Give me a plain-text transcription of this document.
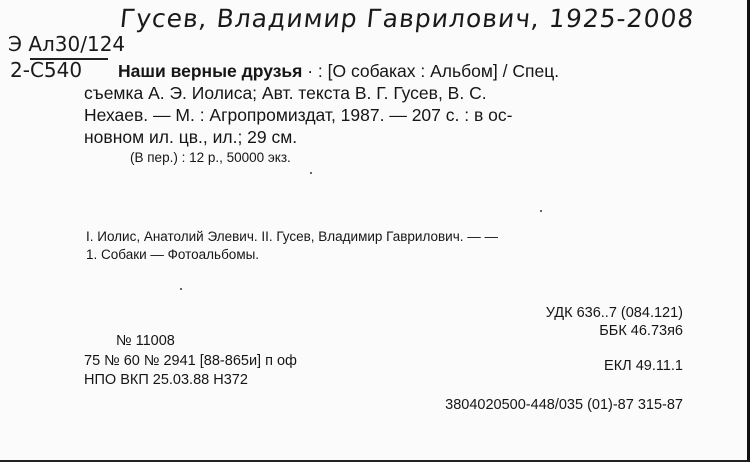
Гусев, Владимир Гаврилович, 1925-2008
Э Ал30/124
2-С540	Наши верные друзья · : [О собаках : Альбом] / Спец.
съемка А. Э. Иолиса; Авт. текста В. Г. Гусев, В. С.
Нехаев. — М. : Агропромиздат, 1987. — 207 с. : в ос-
новном ил. цв., ил.; 29 см.
(В пер.) : 12 р., 50000 экз.
I. Иолис, Анатолий Элевич. II. Гусев, Владимир Гаврилович. — —
1. Собаки — Фотоальбомы.
УДК 636..7 (084.121)
ББК 46.73я6
ЕКЛ 49.11.1
3804020500-448/035 (01)-87 315-87
№ 11008
75 № 60 № 2941 [88-865и] п оф
НПО ВКП 25.03.88 Н372
